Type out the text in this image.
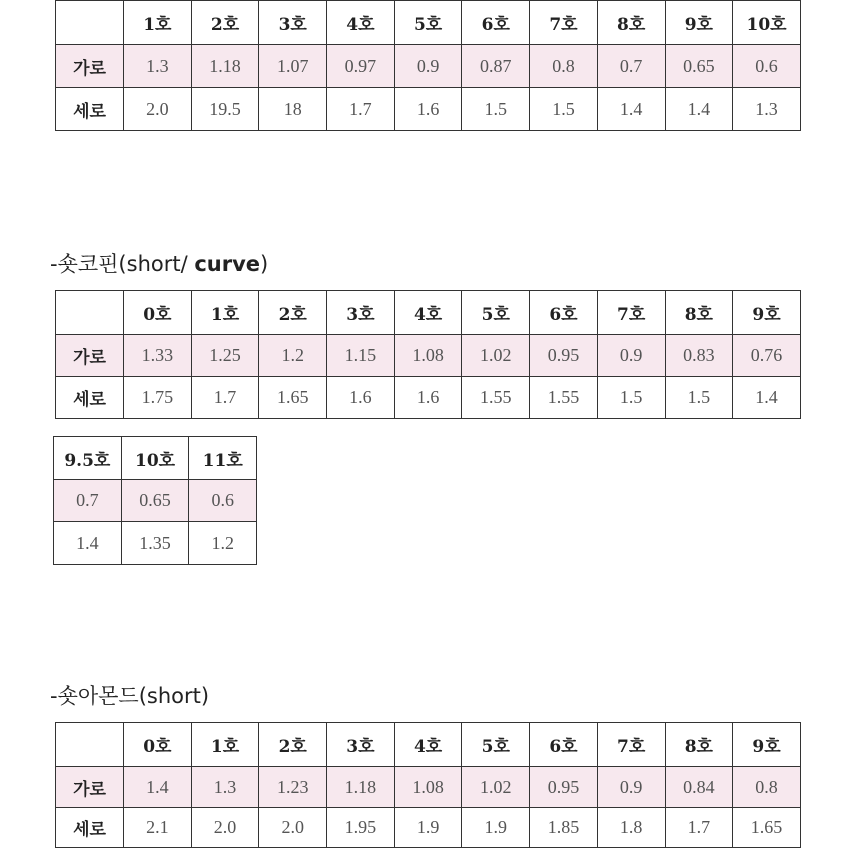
	1호	2호	3호	4호	5호	6호	7호	8호	9호	10호
가로	1.3	1.18	1.07	0.97	0.9	0.87	0.8	0.7	0.65	0.6
세로	2.0	19.5	18	1.7	1.6	1.5	1.5	1.4	1.4	1.3
-숏코핀(short/ curve)
	0호	1호	2호	3호	4호	5호	6호	7호	8호	9호
가로	1.33	1.25	1.2	1.15	1.08	1.02	0.95	0.9	0.83	0.76
세로	1.75	1.7	1.65	1.6	1.6	1.55	1.55	1.5	1.5	1.4
9.5호	10호	11호
0.7	0.65	0.6
1.4	1.35	1.2
-숏아몬드(short)
	0호	1호	2호	3호	4호	5호	6호	7호	8호	9호
가로	1.4	1.3	1.23	1.18	1.08	1.02	0.95	0.9	0.84	0.8
세로	2.1	2.0	2.0	1.95	1.9	1.9	1.85	1.8	1.7	1.65
